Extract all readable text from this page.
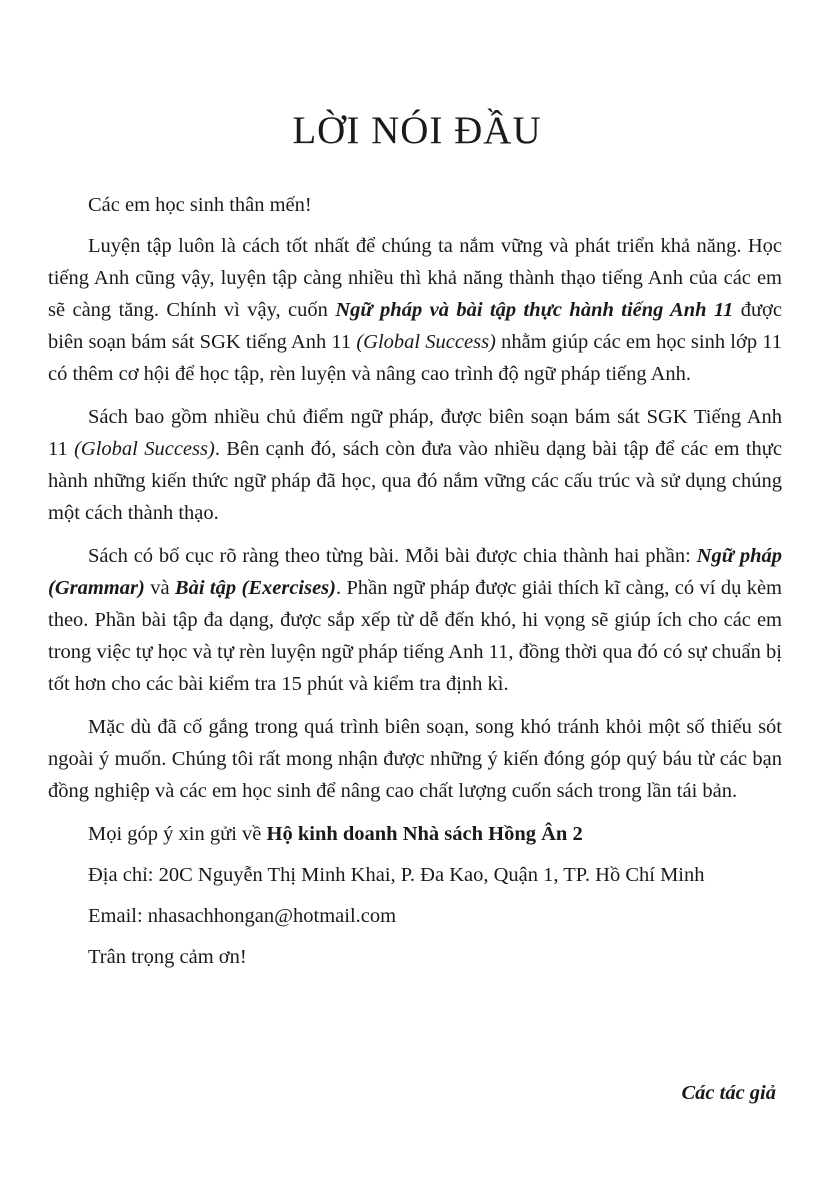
LỜI NÓI ĐẦU

Các em học sinh thân mến!

Luyện tập luôn là cách tốt nhất để chúng ta nắm vững và phát triển khả năng. Học tiếng Anh cũng vậy, luyện tập càng nhiều thì khả năng thành thạo tiếng Anh của các em sẽ càng tăng. Chính vì vậy, cuốn Ngữ pháp và bài tập thực hành tiếng Anh 11 được biên soạn bám sát SGK tiếng Anh 11 (Global Success) nhằm giúp các em học sinh lớp 11 có thêm cơ hội để học tập, rèn luyện và nâng cao trình độ ngữ pháp tiếng Anh.

Sách bao gồm nhiều chủ điểm ngữ pháp, được biên soạn bám sát SGK Tiếng Anh 11 (Global Success). Bên cạnh đó, sách còn đưa vào nhiều dạng bài tập để các em thực hành những kiến thức ngữ pháp đã học, qua đó nắm vững các cấu trúc và sử dụng chúng một cách thành thạo.

Sách có bố cục rõ ràng theo từng bài. Mỗi bài được chia thành hai phần: Ngữ pháp (Grammar) và Bài tập (Exercises). Phần ngữ pháp được giải thích kĩ càng, có ví dụ kèm theo. Phần bài tập đa dạng, được sắp xếp từ dễ đến khó, hi vọng sẽ giúp ích cho các em trong việc tự học và tự rèn luyện ngữ pháp tiếng Anh 11, đồng thời qua đó có sự chuẩn bị tốt hơn cho các bài kiểm tra 15 phút và kiểm tra định kì.

Mặc dù đã cố gắng trong quá trình biên soạn, song khó tránh khỏi một số thiếu sót ngoài ý muốn. Chúng tôi rất mong nhận được những ý kiến đóng góp quý báu từ các bạn đồng nghiệp và các em học sinh để nâng cao chất lượng cuốn sách trong lần tái bản.

Mọi góp ý xin gửi về Hộ kinh doanh Nhà sách Hồng Ân 2

Địa chỉ: 20C Nguyễn Thị Minh Khai, P. Đa Kao, Quận 1, TP. Hồ Chí Minh

Email: nhasachhongan@hotmail.com

Trân trọng cảm ơn!

Các tác giả
